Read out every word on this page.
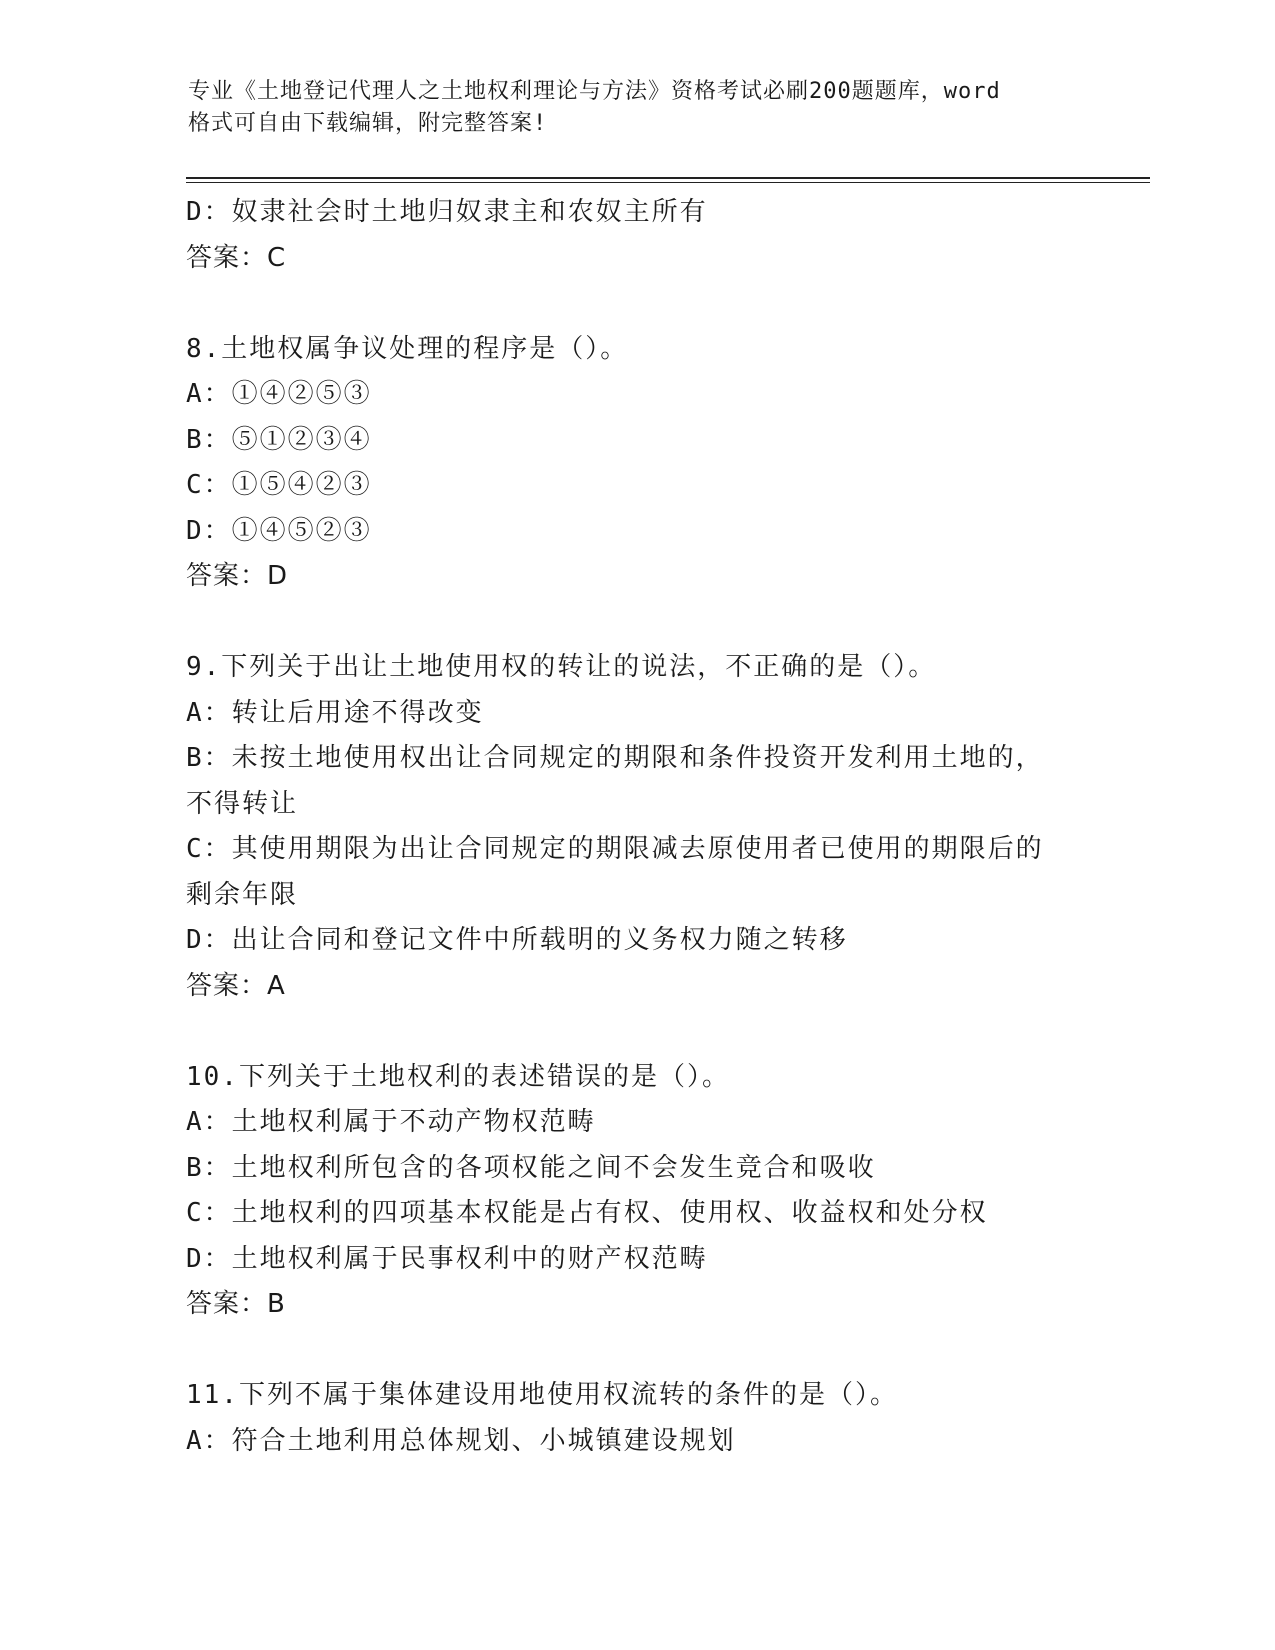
专业《土地登记代理人之土地权利理论与方法》资格考试必刷200题题库，word
格式可自由下载编辑，附完整答案!
D：奴隶社会时土地归奴隶主和农奴主所有
答案：C
8.土地权属争议处理的程序是（）。
A：①④②⑤③
B：⑤①②③④
C：①⑤④②③
D：①④⑤②③
答案：D
9.下列关于出让土地使用权的转让的说法，不正确的是（）。
A：转让后用途不得改变
B：未按土地使用权出让合同规定的期限和条件投资开发利用土地的，
不得转让
C：其使用期限为出让合同规定的期限减去原使用者已使用的期限后的
剩余年限
D：出让合同和登记文件中所载明的义务权力随之转移
答案：A
10.下列关于土地权利的表述错误的是（）。
A：土地权利属于不动产物权范畴
B：土地权利所包含的各项权能之间不会发生竞合和吸收
C：土地权利的四项基本权能是占有权、使用权、收益权和处分权
D：土地权利属于民事权利中的财产权范畴
答案：B
11.下列不属于集体建设用地使用权流转的条件的是（）。
A：符合土地利用总体规划、小城镇建设规划
